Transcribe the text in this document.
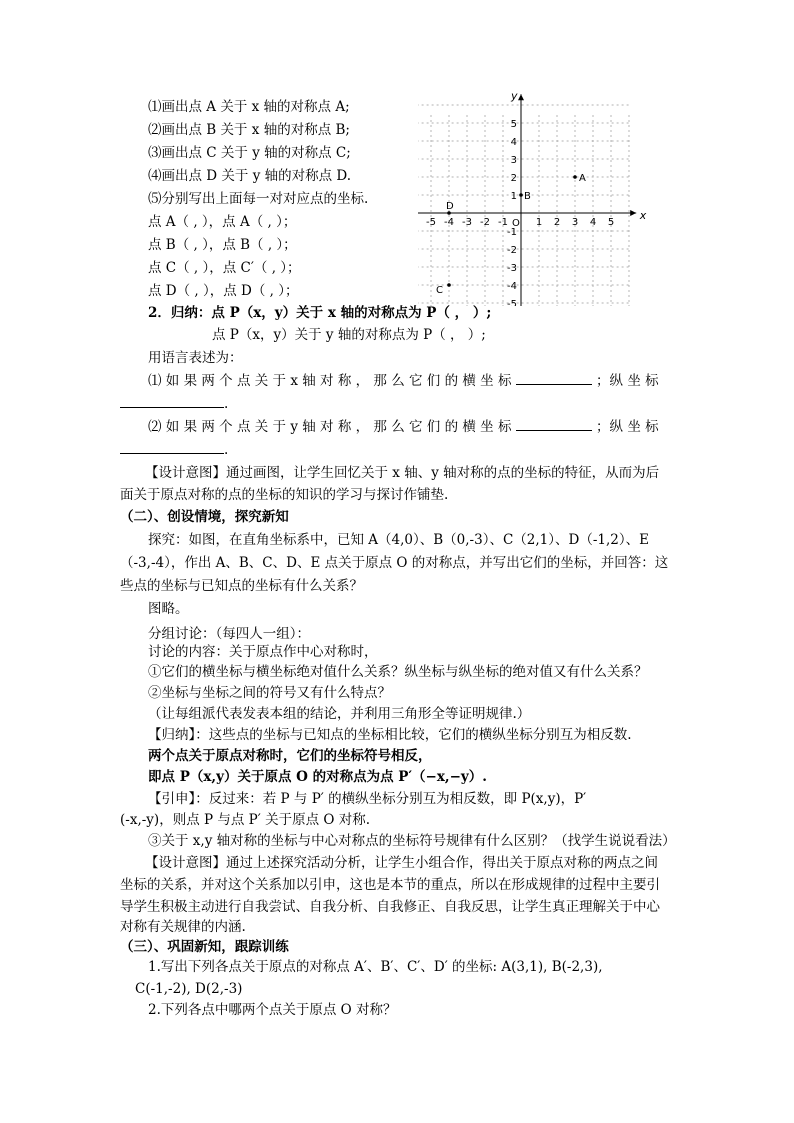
⑴画出点 A 关于 x 轴的对称点 A;
⑵画出点 B 关于 x 轴的对称点 B;
⑶画出点 C 关于 y 轴的对称点 C;
⑷画出点 D 关于 y 轴的对称点 D.
⑸分别写出上面每一对对应点的坐标.
点 A（ , ），点 A（ , ）；
点 B（ , ），点 B（ , ）；
点 C（ , ），点 C′（ , ）；
点 D（ , ），点 D（ , ）；
x
y
O
-5 -4 -3 -2 -1	1 2 3 4 5
5
4
3
2
1
-1
-2
-3
-4
-5
A
B
C
D
2．归纳：点 P（x，y）关于 x 轴的对称点为 P（ ， ）;
点 P（x，y）关于 y 轴的对称点为 P（ ， ）;
用语言表述为：
⑴ 如 果 两 个 点 关 于 x 轴 对 称 ， 那 么 它 们 的 横 坐 标	；纵 坐 标
.
⑵ 如 果 两 个 点 关 于 y 轴 对 称 ， 那 么 它 们 的 横 坐 标	；纵 坐 标
.
【设计意图】通过画图，让学生回忆关于 x 轴、y 轴对称的点的坐标的特征，从而为后
面关于原点对称的点的坐标的知识的学习与探讨作铺垫.
（二）、创设情境，探究新知
探究：如图，在直角坐标系中，已知 A（4,0）、B（0,-3）、C（2,1）、D（-1,2）、E
（-3,-4），作出 A、B、C、D、E 点关于原点 O 的对称点，并写出它们的坐标，并回答：这
些点的坐标与已知点的坐标有什么关系？
图略。
分组讨论：（每四人一组）：
讨论的内容：关于原点作中心对称时，
①它们的横坐标与横坐标绝对值什么关系？纵坐标与纵坐标的绝对值又有什么关系？
②坐标与坐标之间的符号又有什么特点？
（让每组派代表发表本组的结论，并利用三角形全等证明规律.）
【归纳】：这些点的坐标与已知点的坐标相比较，它们的横纵坐标分别互为相反数.
两个点关于原点对称时，它们的坐标符号相反，
即点 P（x,y）关于原点 O 的对称点为点 P′（−x,−y）.
【引申】：反过来：若 P 与 P′ 的横纵坐标分别互为相反数，即 P(x,y)，P′
(-x,-y)，则点 P 与点 P′ 关于原点 O 对称.
③关于 x,y 轴对称的坐标与中心对称点的坐标符号规律有什么区别？（找学生说说看法）
【设计意图】通过上述探究活动分析，让学生小组合作，得出关于原点对称的两点之间
坐标的关系，并对这个关系加以引申，这也是本节的重点，所以在形成规律的过程中主要引
导学生积极主动进行自我尝试、自我分析、自我修正、自我反思，让学生真正理解关于中心
对称有关规律的内涵.
（三）、巩固新知，跟踪训练
1.写出下列各点关于原点的对称点 A′、B′、C′、D′ 的坐标: A(3,1), B(-2,3),
C(-1,-2), D(2,-3)
2.下列各点中哪两个点关于原点 O 对称？
